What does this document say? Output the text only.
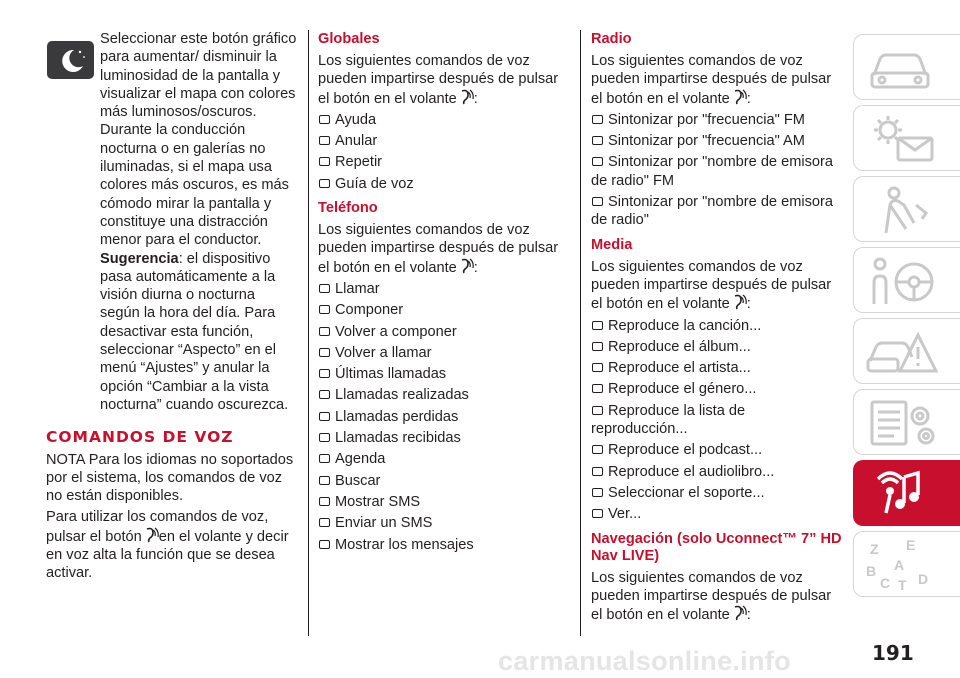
Seleccionar este botón gráfico para aumentar/ disminuir la luminosidad de la pantalla y visualizar el mapa con colores más luminosos/oscuros. Durante la conducción nocturna o en galerías no iluminadas, si el mapa usa colores más oscuros, es más cómodo mirar la pantalla y constituye una distracción menor para el conductor. Sugerencia: el dispositivo pasa automáticamente a la visión diurna o nocturna según la hora del día. Para desactivar esta función, seleccionar “Aspecto” en el menú “Ajustes” y anular la opción “Cambiar a la vista nocturna” cuando oscurezca.
COMANDOS DE VOZ

NOTA Para los idiomas no soportados por el sistema, los comandos de voz no están disponibles.

Para utilizar los comandos de voz, pulsar el botón en el volante y decir en voz alta la función que se desea activar.

Globales

Los siguientes comandos de voz pueden impartirse después de pulsar el botón en el volante :

Ayuda
Anular
Repetir
Guía de voz
Teléfono

Los siguientes comandos de voz pueden impartirse después de pulsar el botón en el volante :

Llamar
Componer
Volver a componer
Volver a llamar
Últimas llamadas
Llamadas realizadas
Llamadas perdidas
Llamadas recibidas
Agenda
Buscar
Mostrar SMS
Enviar un SMS
Mostrar los mensajes
Radio

Los siguientes comandos de voz pueden impartirse después de pulsar el botón en el volante :

Sintonizar por "frecuencia" FM
Sintonizar por "frecuencia" AM
Sintonizar por "nombre de emisora de radio" FM
Sintonizar por "nombre de emisora de radio"
Media

Los siguientes comandos de voz pueden impartirse después de pulsar el botón en el volante :

Reproduce la canción...
Reproduce el álbum...
Reproduce el artista...
Reproduce el género...
Reproduce la lista de reproducción...
Reproduce el podcast...
Reproduce el audiolibro...
Seleccionar el soporte...
Ver...
Navegación (solo Uconnect™ 7” HD Nav LIVE)

Los siguientes comandos de voz pueden impartirse después de pulsar el botón en el volante :

Z E
B A
C T D
191
carmanualsonline.info
